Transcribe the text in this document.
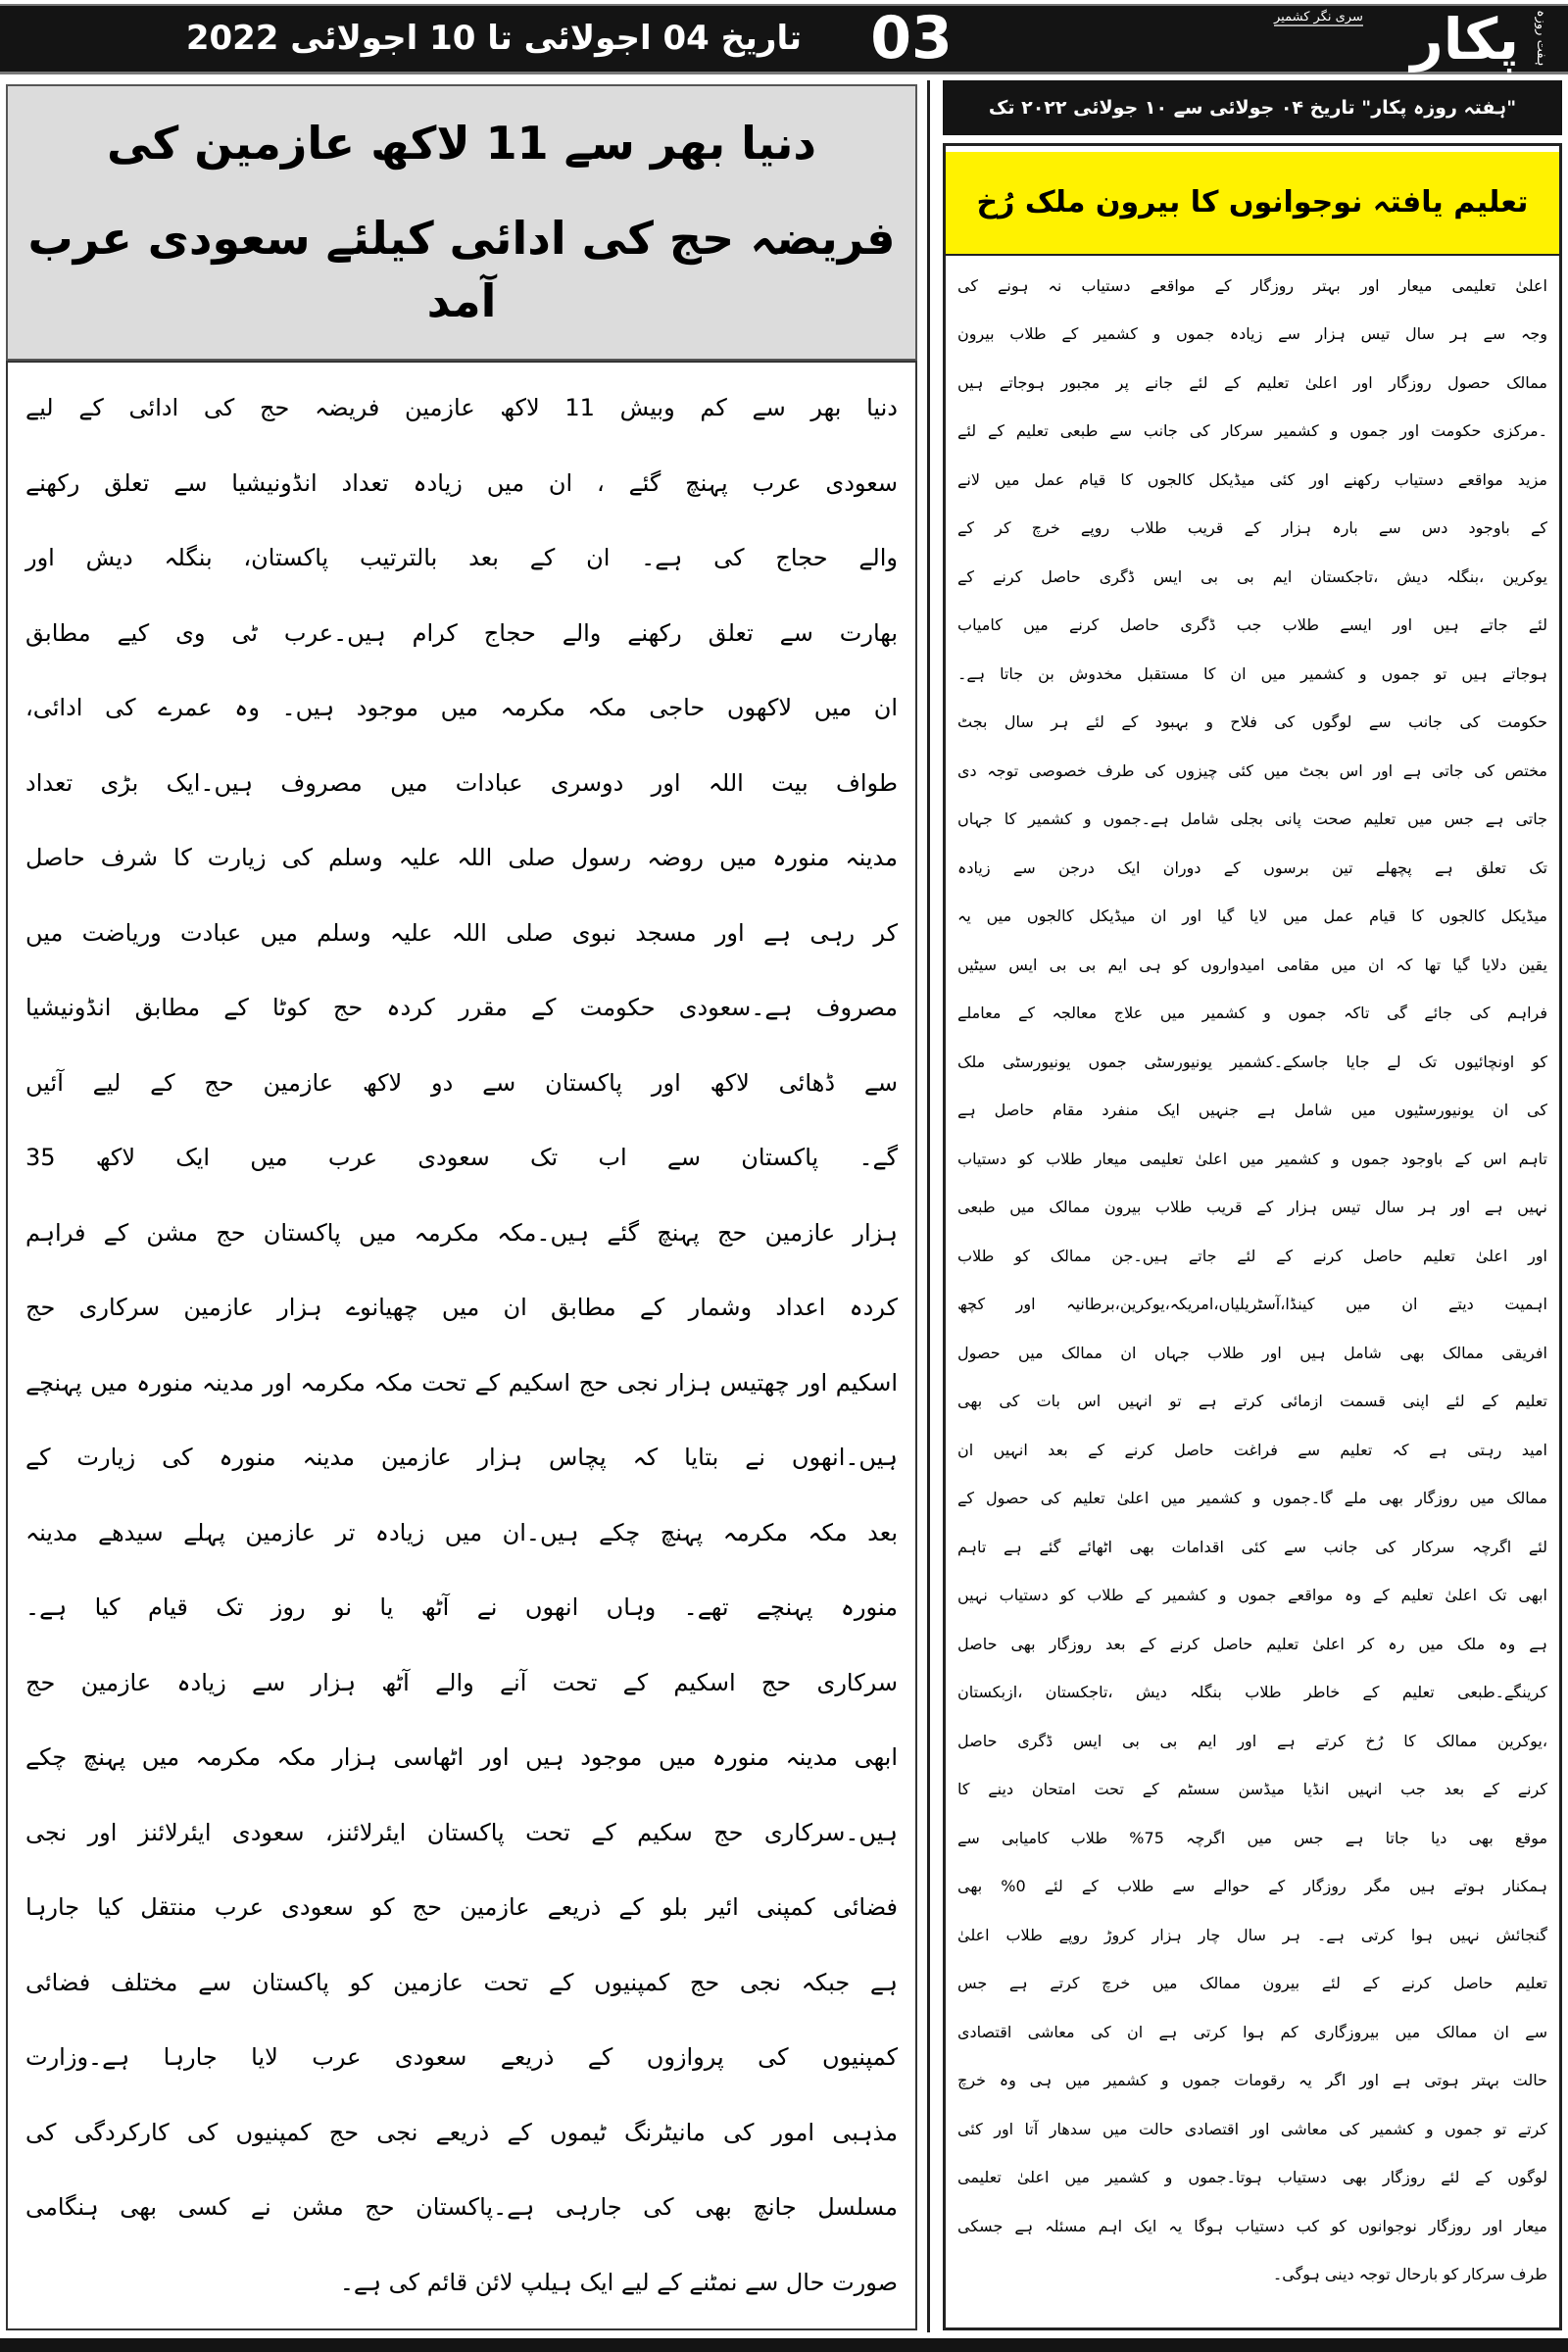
پکار ہفت روزہ
سری نگر کشمیر
03
تاریخ 04 اجولائی تا 10 اجولائی 2022
دنیا بھر سے 11 لاکھ عازمین کی
فریضہ حج کی ادائی کیلئے سعودی عرب آمد
دنیا بھر سے کم وبیش 11 لاکھ عازمین فریضہ حج کی ادائی کے لیے
سعودی عرب پہنچ گئے ، ان میں زیادہ تعداد انڈونیشیا سے تعلق رکھنے
والے حجاج کی ہے۔ ان کے بعد بالترتیب پاکستان، بنگلہ دیش اور
بھارت سے تعلق رکھنے والے حجاج کرام ہیں۔عرب ٹی وی کیے مطابق
ان میں لاکھوں حاجی مکہ مکرمہ میں موجود ہیں۔ وہ عمرے کی ادائی،
طواف بیت اللہ اور دوسری عبادات میں مصروف ہیں۔ایک بڑی تعداد
مدینہ منورہ میں روضہ رسول صلی اللہ علیہ وسلم کی زیارت کا شرف حاصل
کر رہی ہے اور مسجد نبوی صلی اللہ علیہ وسلم میں عبادت وریاضت میں
مصروف ہے۔سعودی حکومت کے مقرر کردہ حج کوٹا کے مطابق انڈونیشیا
سے ڈھائی لاکھ اور پاکستان سے دو لاکھ عازمین حج کے لیے آئیں
گے۔ پاکستان سے اب تک سعودی عرب میں ایک لاکھ 35
ہزار عازمین حج پہنچ گئے ہیں۔مکہ مکرمہ میں پاکستان حج مشن کے فراہم
کردہ اعداد وشمار کے مطابق ان میں چھیانوے ہزار عازمین سرکاری حج
اسکیم اور چھتیس ہزار نجی حج اسکیم کے تحت مکہ مکرمہ اور مدینہ منورہ میں پہنچے
ہیں۔انھوں نے بتایا کہ پچاس ہزار عازمین مدینہ منورہ کی زیارت کے
بعد مکہ مکرمہ پہنچ چکے ہیں۔ان میں زیادہ تر عازمین پہلے سیدھے مدینہ
منورہ پہنچے تھے۔ وہاں انھوں نے آٹھ یا نو روز تک قیام کیا ہے۔
سرکاری حج اسکیم کے تحت آنے والے آٹھ ہزار سے زیادہ عازمین حج
ابھی مدینہ منورہ میں موجود ہیں اور اٹھاسی ہزار مکہ مکرمہ میں پہنچ چکے
ہیں۔سرکاری حج سکیم کے تحت پاکستان ایئرلائنز، سعودی ایئرلائنز اور نجی
فضائی کمپنی ائیر بلو کے ذریعے عازمین حج کو سعودی عرب منتقل کیا جارہا
ہے جبکہ نجی حج کمپنیوں کے تحت عازمین کو پاکستان سے مختلف فضائی
کمپنیوں کی پروازوں کے ذریعے سعودی عرب لایا جارہا ہے۔وزارت
مذہبی امور کی مانیٹرنگ ٹیموں کے ذریعے نجی حج کمپنیوں کی کارکردگی کی
مسلسل جانچ بھی کی جارہی ہے۔پاکستان حج مشن نے کسی بھی ہنگامی
صورت حال سے نمٹنے کے لیے ایک ہیلپ لائن قائم کی ہے۔
"ہفتہ روزہ پکار" تاریخ ۰۴ جولائی سے ۱۰ جولائی ۲۰۲۲ تک
تعلیم یافتہ نوجوانوں کا بیرون ملک رُخ
اعلیٰ تعلیمی میعار اور بہتر روزگار کے مواقعے دستیاب نہ ہونے کی
وجہ سے ہر سال تیس ہزار سے زیادہ جموں و کشمیر کے طلاب بیرون
ممالک حصول روزگار اور اعلیٰ تعلیم کے لئے جانے پر مجبور ہوجاتے ہیں
۔مرکزی حکومت اور جموں و کشمیر سرکار کی جانب سے طبعی تعلیم کے لئے
مزید مواقعے دستیاب رکھنے اور کئی میڈیکل کالجوں کا قیام عمل میں لانے
کے باوجود دس سے بارہ ہزار کے قریب طلاب روپے خرچ کر کے
یوکرین ،بنگلہ دیش ،تاجکستان ایم بی بی ایس ڈگری حاصل کرنے کے
لئے جاتے ہیں اور ایسے طلاب جب ڈگری حاصل کرنے میں کامیاب
ہوجاتے ہیں تو جموں و کشمیر میں ان کا مستقبل مخدوش بن جاتا ہے۔
حکومت کی جانب سے لوگوں کی فلاح و بہبود کے لئے ہر سال بجٹ
مختص کی جاتی ہے اور اس بجٹ میں کئی چیزوں کی طرف خصوصی توجہ دی
جاتی ہے جس میں تعلیم صحت پانی بجلی شامل ہے۔جموں و کشمیر کا جہاں
تک تعلق ہے پچھلے تین برسوں کے دوران ایک درجن سے زیادہ
میڈیکل کالجوں کا قیام عمل میں لایا گیا اور ان میڈیکل کالجوں میں یہ
یقین دلایا گیا تھا کہ ان میں مقامی امیدواروں کو ہی ایم بی بی ایس سیٹیں
فراہم کی جائے گی تاکہ جموں و کشمیر میں علاج معالجہ کے معاملے
کو اونچائیوں تک لے جایا جاسکے۔کشمیر یونیورسٹی جموں یونیورسٹی ملک
کی ان یونیورسٹیوں میں شامل ہے جنہیں ایک منفرد مقام حاصل ہے
تاہم اس کے باوجود جموں و کشمیر میں اعلیٰ تعلیمی میعار طلاب کو دستیاب
نہیں ہے اور ہر سال تیس ہزار کے قریب طلاب بیرون ممالک میں طبعی
اور اعلیٰ تعلیم حاصل کرنے کے لئے جاتے ہیں۔جن ممالک کو طلاب
اہمیت دیتے ان میں کینڈا،آسٹریلیاں،امریکہ،یوکرین،برطانیہ اور کچھ
افریقی ممالک بھی شامل ہیں اور طلاب جہاں ان ممالک میں حصول
تعلیم کے لئے اپنی قسمت ازمائی کرتے ہے تو انہیں اس بات کی بھی
امید رہتی ہے کہ تعلیم سے فراغت حاصل کرنے کے بعد انہیں ان
ممالک میں روزگار بھی ملے گا۔جموں و کشمیر میں اعلیٰ تعلیم کی حصول کے
لئے اگرچہ سرکار کی جانب سے کئی اقدامات بھی اٹھائے گئے ہے تاہم
ابھی تک اعلیٰ تعلیم کے وہ مواقعے جموں و کشمیر کے طلاب کو دستیاب نہیں
ہے وہ ملک میں رہ کر اعلیٰ تعلیم حاصل کرنے کے بعد روزگار بھی حاصل
کرینگے۔طبعی تعلیم کے خاطر طلاب بنگلہ دیش ،تاجکستان ،ازبکستان
،یوکرین ممالک کا رُخ کرتے ہے اور ایم بی بی ایس ڈگری حاصل
کرنے کے بعد جب انہیں انڈیا میڈسن سسٹم کے تحت امتحان دینے کا
موقع بھی دیا جاتا ہے جس میں اگرچہ 75% طلاب کامیابی سے
ہمکنار ہوتے ہیں مگر روزگار کے حوالے سے طلاب کے لئے 0% بھی
گنجائش نہیں ہوا کرتی ہے۔ ہر سال چار ہزار کروڑ روپے طلاب اعلیٰ
تعلیم حاصل کرنے کے لئے بیرون ممالک میں خرچ کرتے ہے جس
سے ان ممالک میں بیروزگاری کم ہوا کرتی ہے ان کی معاشی اقتصادی
حالت بہتر ہوتی ہے اور اگر یہ رقومات جموں و کشمیر میں ہی وہ خرچ
کرتے تو جموں و کشمیر کی معاشی اور اقتصادی حالت میں سدھار آتا اور کئی
لوگوں کے لئے روزگار بھی دستیاب ہوتا۔جموں و کشمیر میں اعلیٰ تعلیمی
میعار اور روزگار نوجوانوں کو کب دستیاب ہوگا یہ ایک اہم مسئلہ ہے جسکی
طرف سرکار کو بارحال توجہ دینی ہوگی۔
